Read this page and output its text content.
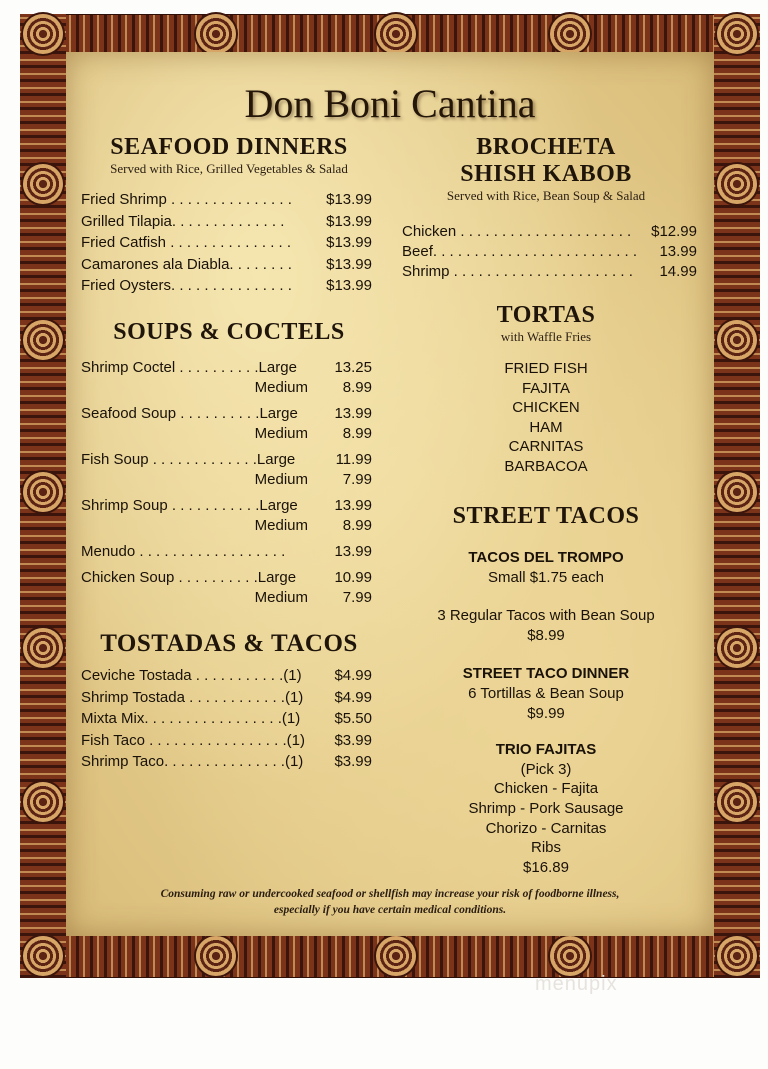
Don Boni Cantina
SEAFOOD DINNERS
Served with Rice, Grilled Vegetables & Salad
Fried Shrimp . . . . . . . . . . . . . . . $13.99
Grilled Tilapia. . . . . . . . . . . . . .	$13.99
Fried Catfish . . . . . . . . . . . . . . . $13.99
Camarones ala Diabla. . . . . . . . $13.99
Fried Oysters. . . . . . . . . . . . . . . $13.99
SOUPS & COCTELS
Shrimp Coctel . . . . . . . . . .Large	13.25
Medium	8.99
Seafood Soup . . . . . . . . . .Large 13.99
Medium	8.99
Fish Soup . . . . . . . . . . . . .Large	11.99
Medium	7.99
Shrimp Soup . . . . . . . . . . .Large 13.99
Medium	8.99
Menudo . . . . . . . . . . . . . . . . . .	13.99
Chicken Soup . . . . . . . . . .Large	10.99
Medium	7.99
TOSTADAS & TACOS
Ceviche Tostada . . . . . . . . . . .(1) $4.99
Shrimp Tostada . . . . . . . . . . . .(1) $4.99
Mixta Mix. . . . . . . . . . . . . . . . .(1) $5.50
Fish Taco . . . . . . . . . . . . . . . . .(1) $3.99
Shrimp Taco. . . . . . . . . . . . . . .(1) $3.99
BROCHETA
SHISH KABOB
Served with Rice, Bean Soup & Salad
Chicken . . . . . . . . . . . . . . . . . . . . . $12.99
Beef. . . . . . . . . . . . . . . . . . . . . . . . . 13.99
Shrimp . . . . . . . . . . . . . . . . . . . . . . 14.99
TORTAS
with Waffle Fries
FRIED FISH
FAJITA
CHICKEN
HAM
CARNITAS
BARBACOA
STREET TACOS
TACOS DEL TROMPO
Small $1.75 each
3 Regular Tacos with Bean Soup
$8.99
STREET TACO DINNER
6 Tortillas & Bean Soup
$9.99
TRIO FAJITAS
(Pick 3)
Chicken - Fajita
Shrimp - Pork Sausage
Chorizo - Carnitas
Ribs
$16.89
Consuming raw or undercooked seafood or shellfish may increase your risk of foodborne illness,
especially if you have certain medical conditions.
menupix
